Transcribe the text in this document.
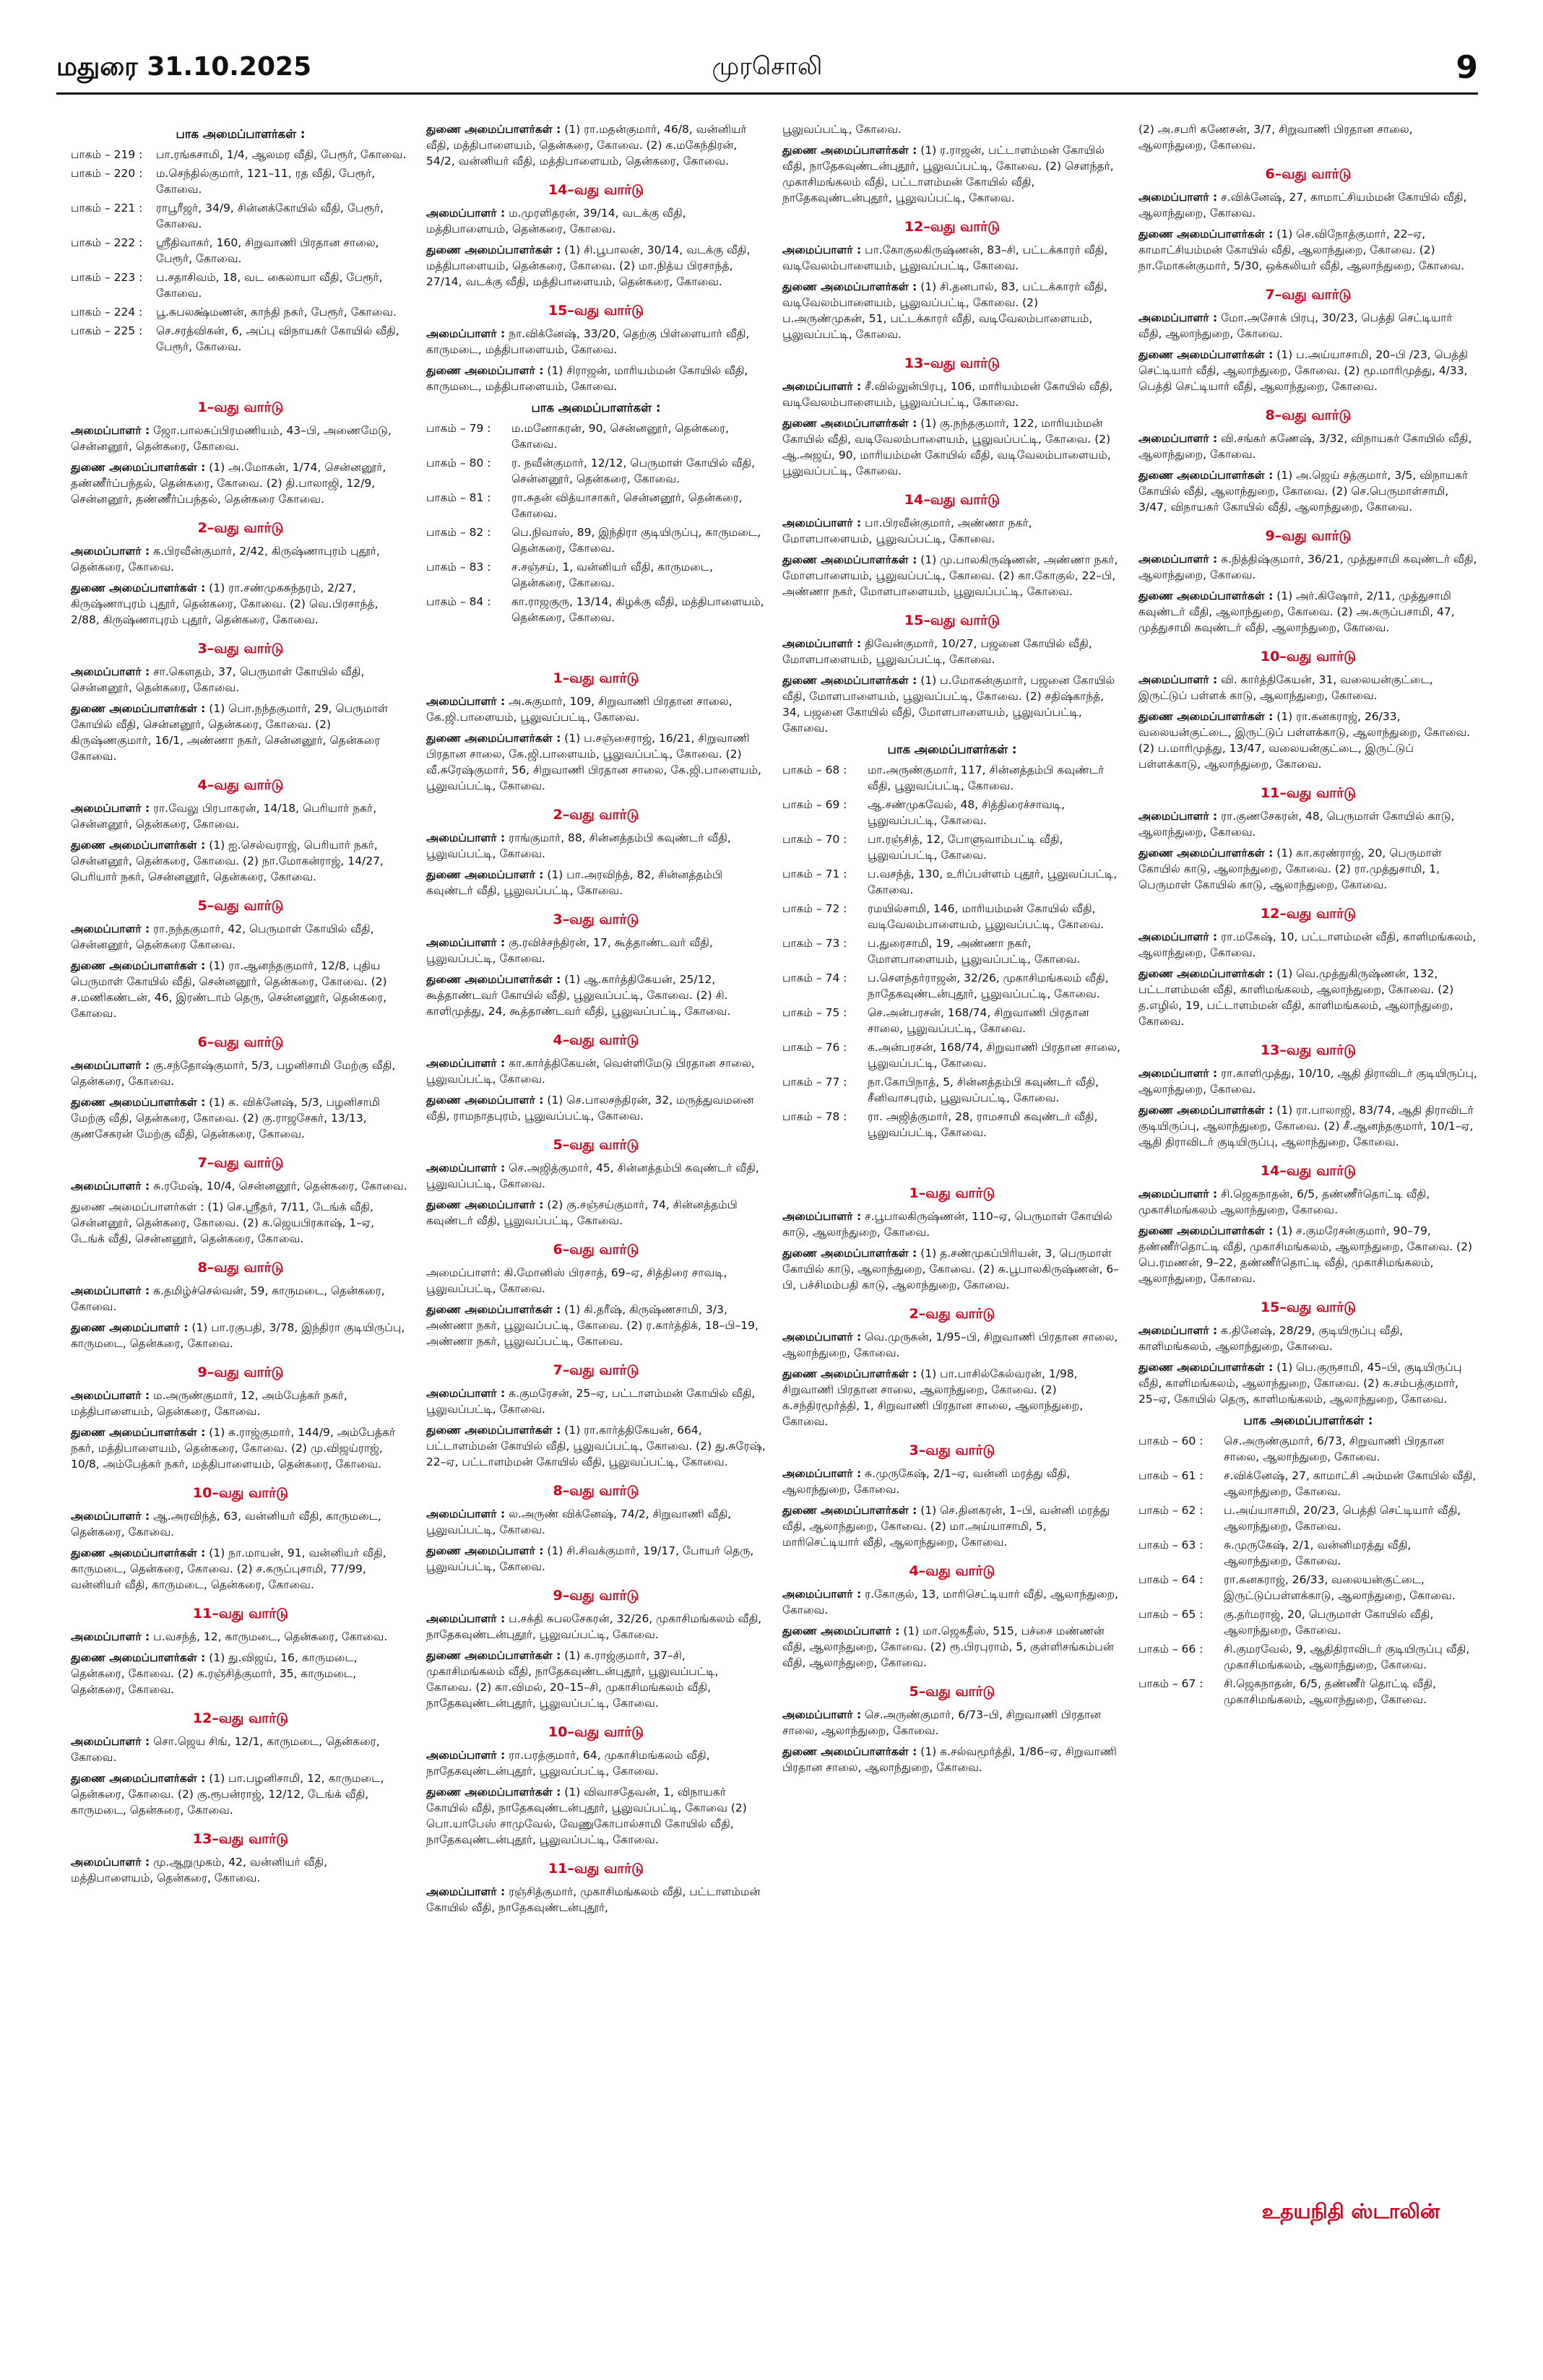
மதுரை 31.10.2025	முரசொலி	9
பாக அமைப்பாளர்கள் :
பாகம் – 219 :	பா.ரங்கசாமி, 1/4, ஆலமர வீதி, பேரூர், கோவை.
பாகம் – 220 :	ம.செந்தில்குமார், 121–11, ரத வீதி, பேரூர், கோவை.
பாகம் – 221 :	ராபூரீஜர், 34/9, சின்னக்கோயில் வீதி, பேரூர், கோவை.
பாகம் – 222 :	ஸ்ரீதிவாகர், 160, சிறுவாணி பிரதான சாலை, பேரூர், கோவை.
பாகம் – 223 :	ப.சதாசிவம், 18, வட கைலாயா வீதி, பேரூர், கோவை.
பாகம் – 224 :	பூ.சுபலக்ஷ்மணன், காந்தி நகர், பேரூர், கோவை.
பாகம் – 225 :	செ.சரத்விகன், 6, அப்பு விநாயகர் கோயில் வீதி, பேரூர், கோவை.
1–வது வார்டு
அமைப்பாளர் : ஜோ.பாலசுப்பிரமணியம், 43–பி, அணைமேடு, சென்னனூர், தென்கரை, கோவை.
துணை அமைப்பாளர்கள் : (1) அ.மோகன், 1/74, சென்னனூர், தண்ணீர்ப்பந்தல், தென்கரை, கோவை. (2) தி.பாலாஜி, 12/9, சென்னனூர், தண்ணீர்ப்பந்தல், தென்கரை கோவை.
2–வது வார்டு
அமைப்பாளர் : க.பிரவீன்குமார், 2/42, கிருஷ்ணாபுரம் புதூர், தென்கரை, கோவை.
துணை அமைப்பாளர்கள் : (1) ரா.சண்முகசுந்தரம், 2/27, கிருஷ்ணாபுரம் புதூர், தென்கரை, கோவை. (2) வெ.பிரசாந்த், 2/88, கிருஷ்ணாபுரம் புதூர், தென்கரை, கோவை.
3–வது வார்டு
அமைப்பாளர் : சா.கௌதம், 37, பெருமாள் கோயில் வீதி, சென்னனூர், தென்கரை, கோவை.
துணை அமைப்பாளர்கள் : (1) பொ.நந்தகுமார், 29, பெருமாள் கோயில் வீதி, சென்னனூர், தென்கரை, கோவை. (2) கிருஷ்ணகுமார், 16/1, அண்ணா நகர், சென்னனூர், தென்கரை கோவை.
4–வது வார்டு
அமைப்பாளர் : ரா.வேலு பிரபாகரன், 14/18, பெரியார் நகர், சென்னனூர், தென்கரை, கோவை.
துணை அமைப்பாளர்கள் : (1) ஐ.செல்வராஜ், பெரியார் நகர், சென்னனூர், தென்கரை, கோவை. (2) நா.மோகன்ராஜ், 14/27, பெரியார் நகர், சென்னனூர், தென்கரை, கோவை.
5–வது வார்டு
அமைப்பாளர் : ரா.நந்தகுமார், 42, பெருமாள் கோயில் வீதி, சென்னனூர், தென்கரை கோவை.
துணை அமைப்பாளர்கள் : (1) ரா.ஆனந்தகுமார், 12/8, புதிய பெருமாள் கோயில் வீதி, சென்னனூர், தென்கரை, கோவை. (2) ச.மணிகண்டன், 46, இரண்டாம் தெரு, சென்னனூர், தென்கரை, கோவை.
6–வது வார்டு
அமைப்பாளர் : கு.சந்தோஷ்குமார், 5/3, பழனிசாமி மேற்கு வீதி, தென்கரை, கோவை.
துணை அமைப்பாளர்கள் : (1) க. விக்னேஷ், 5/3, பழனிசாமி மேற்கு வீதி, தென்கரை, கோவை. (2) கு.ராஜசேகர், 13/13, குணசேகரன் மேற்கு வீதி, தென்கரை, கோவை.
7–வது வார்டு
அமைப்பாளர் : சு.ரமேஷ், 10/4, சென்னனூர், தென்கரை, கோவை.
துணை அமைப்பாளர்கள் : (1) செ.ஸ்ரீதர், 7/11, டேங்க் வீதி, சென்னனூர், தென்கரை, கோவை. (2) க.ஜெயபிரகாஷ், 1–ஏ, டேங்க் வீதி, சென்னனூர், தென்கரை, கோவை.
8–வது வார்டு
அமைப்பாளர் : க.தமிழ்ச்செல்வன், 59, காருமடை, தென்கரை, கோவை.
துணை அமைப்பாளர் : (1) பா.ரகுபதி, 3/78, இந்திரா குடியிருப்பு, காருமடை, தென்கரை, கோவை.
9–வது வார்டு
அமைப்பாளர் : ம.அருண்குமார், 12, அம்பேத்கர் நகர், மத்திபாளையம், தென்கரை, கோவை.
துணை அமைப்பாளர்கள் : (1) க.ராஜ்குமார், 144/9, அம்பேத்கர் நகர், மத்திபாளையம், தென்கரை, கோவை. (2) மு.விஜய்ராஜ், 10/8, அம்பேத்கர் நகர், மத்திபாளையம், தென்கரை, கோவை.
10–வது வார்டு
அமைப்பாளர் : ஆ.அரவிந்த், 63, வன்னியர் வீதி, காருமடை, தென்கரை, கோவை.
துணை அமைப்பாளர்கள் : (1) நா.மாயன், 91, வன்னியர் வீதி, காருமடை, தென்கரை, கோவை. (2) ச.கருப்புசாமி, 77/99, வன்னியர் வீதி, காருமடை, தென்கரை, கோவை.
11–வது வார்டு
அமைப்பாளர் : ப.வசந்த், 12, காருமடை, தென்கரை, கோவை.
துணை அமைப்பாளர்கள் : (1) து.விஜய், 16, காருமடை, தென்கரை, கோவை. (2) க.ரஞ்சித்குமார், 35, காருமடை, தென்கரை, கோவை.
12–வது வார்டு
அமைப்பாளர் : சொ.ஜெய சிங், 12/1, காருமடை, தென்கரை, கோவை.
துணை அமைப்பாளர்கள் : (1) பா.பழனிசாமி, 12, காருமடை, தென்கரை, கோவை. (2) கு.ரூபன்ராஜ், 12/12, டேங்க் வீதி, காருமடை, தென்கரை, கோவை.
13–வது வார்டு
அமைப்பாளர் : மு.ஆறுமுகம், 42, வன்னியர் வீதி, மத்திபாளையம், தென்கரை, கோவை.
துணை அமைப்பாளர்கள் : (1) ரா.மதன்குமார், 46/8, வன்னியர் வீதி, மத்திபாளையம், தென்கரை, கோவை. (2) க.மகேந்திரன், 54/2, வன்னியர் வீதி, மத்திபாளையம், தென்கரை, கோவை.
14–வது வார்டு
அமைப்பாளர் : ம.முரளிதரன், 39/14, வடக்கு வீதி, மத்திபாளையம், தென்கரை, கோவை.
துணை அமைப்பாளர்கள் : (1) சி.பூபாலன், 30/14, வடக்கு வீதி, மத்திபாளையம், தென்கரை, கோவை. (2) மா.நித்ய பிரசாந்த், 27/14, வடக்கு வீதி, மத்திபாளையம், தென்கரை, கோவை.
15–வது வார்டு
அமைப்பாளர் : நா.விக்னேஷ், 33/20, தெற்கு பிள்ளையார் வீதி, காருமடை, மத்திபாளையம், கோவை.
துணை அமைப்பாளர் : (1) சிராஜன், மாரியம்மன் கோயில் வீதி, காருமடை, மத்திபாளையம், கோவை.
பாக அமைப்பாளர்கள் :
பாகம் – 79 :	ம.மனோகரன், 90, சென்னனூர், தென்கரை, கோவை.
பாகம் – 80 :	ர. நவீன்குமார், 12/12, பெருமாள் கோயில் வீதி, சென்னனூர், தென்கரை, கோவை.
பாகம் – 81 :	ரா.சுதன் வித்யாசாகர், சென்னனூர், தென்கரை, கோவை.
பாகம் – 82 :	பெ.நிவாஸ், 89, இந்திரா குடியிருப்பு, காருமடை, தென்கரை, கோவை.
பாகம் – 83 :	ச.சஞ்சய், 1, வன்னியர் வீதி, காருமடை, தென்கரை, கோவை.
பாகம் – 84 :	கா.ராஜகுரு, 13/14, கிழக்கு வீதி, மத்திபாளையம், தென்கரை, கோவை.
1–வது வார்டு
அமைப்பாளர் : அ.சுகுமார், 109, சிறுவாணி பிரதான சாலை, கே.ஜி.பாளையம், பூலுவப்பட்டி, கோவை.
துணை அமைப்பாளர்கள் : (1) ப.சஞ்சைராஜ், 16/21, சிறுவாணி பிரதான சாலை, கே.ஜி.பாளையம், பூலுவப்பட்டி, கோவை. (2) வீ.சுரேஷ்குமார், 56, சிறுவாணி பிரதான சாலை, கே.ஜி.பாளையம், பூலுவப்பட்டி, கோவை.
2–வது வார்டு
அமைப்பாளர் : ராங்குமார், 88, சின்னத்தம்பி கவுண்டர் வீதி, பூலுவப்பட்டி, கோவை.
துணை அமைப்பாளர் : (1) பா.அரவிந்த், 82, சின்னத்தம்பி கவுண்டர் வீதி, பூலுவப்பட்டி, கோவை.
3–வது வார்டு
அமைப்பாளர் : கு.ரவிச்சந்திரன், 17, கூத்தாண்டவர் வீதி, பூலுவப்பட்டி, கோவை.
துணை அமைப்பாளர்கள் : (1) ஆ.கார்த்திகேயன், 25/12, கூத்தாண்டவர் கோயில் வீதி, பூலுவப்பட்டி, கோவை. (2) சி. காளிமுத்து, 24, கூத்தாண்டவர் வீதி, பூலுவப்பட்டி, கோவை.
4–வது வார்டு
அமைப்பாளர் : கா.கார்த்திகேயன், வெள்ளிமேடு பிரதான சாலை, பூலுவப்பட்டி, கோவை.
துணை அமைப்பாளர் : (1) செ.பாலசந்திரன், 32, மருத்துவமனை வீதி, ராமநாதபுரம், பூலுவப்பட்டி, கோவை.
5–வது வார்டு
அமைப்பாளர் : செ.அஜித்குமார், 45, சின்னத்தம்பி கவுண்டர் வீதி, பூலுவப்பட்டி, கோவை.
துணை அமைப்பாளர் : (2) கு.சஞ்சய்குமார், 74, சின்னத்தம்பி கவுண்டர் வீதி, பூலுவப்பட்டி, கோவை.
6–வது வார்டு
அமைப்பாளர்: கி.மோனிஸ் பிரசாத், 69–ஏ, சித்திரை சாவடி, பூலுவப்பட்டி, கோவை.
துணை அமைப்பாளர்கள் : (1) கி.தரீஷ், கிருஷ்ணசாமி, 3/3, அண்ணா நகர், பூலுவப்பட்டி, கோவை. (2) ர.கார்த்திக், 18–பி–19, அண்ணா நகர், பூலுவப்பட்டி, கோவை.
7–வது வார்டு
அமைப்பாளர் : க.குமரேசன், 25–ஏ, பட்டாளம்மன் கோயில் வீதி, பூலுவப்பட்டி, கோவை.
துணை அமைப்பாளர்கள் : (1) ரா.கார்த்திகேயன், 664, பட்டாளம்மன் கோயில் வீதி, பூலுவப்பட்டி, கோவை. (2) து.சுரேஷ், 22–ஏ, பட்டாளம்மன் கோயில் வீதி, பூலுவப்பட்டி, கோவை.
8–வது வார்டு
அமைப்பாளர் : ல.அருண் விக்னேஷ், 74/2, சிறுவாணி வீதி, பூலுவப்பட்டி, கோவை.
துணை அமைப்பாளர் : (1) சி.சிவக்குமார், 19/17, போயர் தெரு, பூலுவப்பட்டி, கோவை.
9–வது வார்டு
அமைப்பாளர் : ப.சக்தி சுபலசேகரன், 32/26, முகாசிமங்கலம் வீதி, நாதேகவுண்டன்புதூர், பூலுவப்பட்டி, கோவை.
துணை அமைப்பாளர்கள் : (1) க.ராஜ்குமார், 37–சி, முகாசிமங்கலம் வீதி, நாதேகவுண்டன்புதூர், பூலுவப்பட்டி, கோவை. (2) கா.விமல், 20–15–சி, முகாசிமங்கலம் வீதி, நாதேகவுண்டன்புதூர், பூலுவப்பட்டி, கோவை.
10–வது வார்டு
அமைப்பாளர் : ரா.பரத்குமார், 64, முகாசிமங்கலம் வீதி, நாதேகவுண்டன்புதூர், பூலுவப்பட்டி, கோவை.
துணை அமைப்பாளர்கள் : (1) விவாசதேவன், 1, விநாயகர் கோயில் வீதி, நாதேகவுண்டன்புதூர், பூலுவப்பட்டி, கோவை (2) பொ.யாபேஸ் சாமுவேல், வேணுகோபால்சாமி கோயில் வீதி, நாதேகவுண்டன்புதூர், பூலுவப்பட்டி, கோவை.
11–வது வார்டு
அமைப்பாளர் : ரஞ்சித்குமார், முகாசிமங்கலம் வீதி, பட்டாளம்மன் கோயில் வீதி, நாதேகவுண்டன்புதூர்,
பூலுவப்பட்டி, கோவை.
துணை அமைப்பாளர்கள் : (1) ர.ராஜன், பட்டாளம்மன் கோயில் வீதி, நாதேகவுண்டன்புதூர், பூலுவப்பட்டி, கோவை. (2) சௌந்தர், முகாசிமங்கலம் வீதி, பட்டாளம்மன் கோயில் வீதி, நாதேகவுண்டன்புதூர், பூலுவப்பட்டி, கோவை.
12–வது வார்டு
அமைப்பாளர் : பா.கோகுலகிருஷ்ணன், 83–சி, பட்டக்காரர் வீதி, வடிவேலம்பாளையம், பூலுவப்பட்டி, கோவை.
துணை அமைப்பாளர்கள் : (1) சி.தனபால், 83, பட்டக்காரர் வீதி, வடிவேலம்பாளையம், பூலுவப்பட்டி, கோவை. (2) ப.அருண்முகன், 51, பட்டக்காரர் வீதி, வடிவேலம்பாளையம், பூலுவப்பட்டி, கோவை.
13–வது வார்டு
அமைப்பாளர் : சீ.வில்லுன்பிரபு, 106, மாரியம்மன் கோயில் வீதி, வடிவேலம்பாளையம், பூலுவப்பட்டி, கோவை.
துணை அமைப்பாளர்கள் : (1) கு.நந்தகுமார், 122, மாரியம்மன் கோயில் வீதி, வடிவேலம்பாளையம், பூலுவப்பட்டி, கோவை. (2) ஆ.அஜய், 90, மாரியம்மன் கோயில் வீதி, வடிவேலம்பாளையம், பூலுவப்பட்டி, கோவை.
14–வது வார்டு
அமைப்பாளர் : பா.பிரவீன்குமார், அண்ணா நகர், மோளபாளையம், பூலுவப்பட்டி, கோவை.
துணை அமைப்பாளர்கள் : (1) மு.பாலகிருஷ்ணன், அண்ணா நகர், மோளபாளையம், பூலுவப்பட்டி, கோவை. (2) கா.கோகுல், 22–பி, அண்ணா நகர், மோளபாளையம், பூலுவப்பட்டி, கோவை.
15–வது வார்டு
அமைப்பாளர் : திவேன்குமார், 10/27, பஜனை கோயில் வீதி, மோளபாளையம், பூலுவப்பட்டி, கோவை.
துணை அமைப்பாளர்கள் : (1) ப.மோகன்குமார், பஜனை கோயில் வீதி, மோளபாளையம், பூலுவப்பட்டி, கோவை. (2) சதிஷ்காந்த், 34, பஜனை கோயில் வீதி, மோளபாளையம், பூலுவப்பட்டி, கோவை.
பாக அமைப்பாளர்கள் :
பாகம் – 68 :	மா.அருண்குமார், 117, சின்னத்தம்பி கவுண்டர் வீதி, பூலுவப்பட்டி, கோவை.
பாகம் – 69 :	ஆ.சண்முகவேல், 48, சித்திரைச்சாவடி, பூலுவப்பட்டி, கோவை.
பாகம் – 70 :	பா.ரஞ்சித், 12, போளுவாம்பட்டி வீதி, பூலுவப்பட்டி, கோவை.
பாகம் – 71 :	ப.வசந்த், 130, உரிப்பள்ளம் புதூர், பூலுவப்பட்டி, கோவை.
பாகம் – 72 :	ரமயில்சாமி, 146, மாரியம்மன் கோயில் வீதி, வடிவேலம்பாளையம், பூலுவப்பட்டி, கோவை.
பாகம் – 73 :	ப.துரைசாமி, 19, அண்ணா நகர், மோளபாளையம், பூலுவப்பட்டி, கோவை.
பாகம் – 74 :	ப.செளந்தர்ராஜன், 32/26, முகாசிமங்கலம் வீதி, நாதேகவுண்டன்புதூர், பூலுவப்பட்டி, கோவை.
பாகம் – 75 :	செ.அன்பரசன், 168/74, சிறுவாணி பிரதான சாலை, பூலுவப்பட்டி, கோவை.
பாகம் – 76 :	க.அன்பரசன், 168/74, சிறுவாணி பிரதான சாலை, பூலுவப்பட்டி, கோவை.
பாகம் – 77 :	நா.கோபிநாத், 5, சின்னத்தம்பி கவுண்டர் வீதி, சீனிவாசபுரம், பூலுவப்பட்டி, கோவை.
பாகம் – 78 :	ரா. அஜித்குமார், 28, ராமசாமி கவுண்டர் வீதி, பூலுவப்பட்டி, கோவை.
1–வது வார்டு
அமைப்பாளர் : ச.பூபாலகிருஷ்ணன், 110–ஏ, பெருமாள் கோயில் காடு, ஆலாந்துறை, கோவை.
துணை அமைப்பாளர்கள் : (1) த.சண்முகப்பிரியன், 3, பெருமாள் கோயில் காடு, ஆலாந்துறை, கோவை. (2) சு.பூபாலகிருஷ்ணன், 6–பி, பச்சிமம்பதி காடு, ஆலாந்துறை, கோவை.
2–வது வார்டு
அமைப்பாளர் : வெ.முருகன், 1/95–பி, சிறுவாணி பிரதான சாலை, ஆலாந்துறை, கோவை.
துணை அமைப்பாளர்கள் : (1) பா.பாசில்கேல்வரன், 1/98, சிறுவாணி பிரதான சாலை, ஆலாந்துறை, கோவை. (2) க.சந்திரமூர்த்தி, 1, சிறுவாணி பிரதான சாலை, ஆலாந்துறை, கோவை.
3–வது வார்டு
அமைப்பாளர் : சு.முருகேஷ், 2/1–ஏ, வன்னி மரத்து வீதி, ஆலாந்துறை, கோவை.
துணை அமைப்பாளர்கள் : (1) செ.தினகரன், 1–பி, வன்னி மரத்து வீதி, ஆலாந்துறை, கோவை. (2) மா.அய்யாசாமி, 5, மாரிசெட்டியார் வீதி, ஆலாந்துறை, கோவை.
4–வது வார்டு
அமைப்பாளர் : ர.கோகுல், 13, மாரிசெட்டியார் வீதி, ஆலாந்துறை, கோவை.
துணை அமைப்பாளர் : (1) மா.ஜெகதீஸ், 515, பச்சை மண்ணன் வீதி, ஆலாந்துறை, கோவை. (2) ரூ.பிரபுராம், 5, குள்ளிசங்கம்பன் வீதி, ஆலாந்துறை, கோவை.
5–வது வார்டு
அமைப்பாளர் : செ.அருண்குமார், 6/73–பி, சிறுவாணி பிரதான சாலை, ஆலாந்துறை, கோவை.
துணை அமைப்பாளர்கள் : (1) க.சல்வமூர்த்தி, 1/86–ஏ, சிறுவாணி பிரதான சாலை, ஆலாந்துறை, கோவை.
(2) அ.சபரி கணேசன், 3/7, சிறுவாணி பிரதான சாலை, ஆலாந்துறை, கோவை.
6–வது வார்டு
அமைப்பாளர் : ச.விக்னேஷ், 27, காமாட்சியம்மன் கோயில் வீதி, ஆலாந்துறை, கோவை.
துணை அமைப்பாளர்கள் : (1) செ.விநோத்குமார், 22–ஏ, காமாட்சியம்மன் கோயில் வீதி, ஆலாந்துறை, கோவை. (2) நா.மோகன்குமார், 5/30, ஒக்கலியர் வீதி, ஆலாந்துறை, கோவை.
7–வது வார்டு
அமைப்பாளர் : மோ.அசோக் பிரபு, 30/23, பெத்தி செட்டியார் வீதி, ஆலாந்துறை, கோவை.
துணை அமைப்பாளர்கள் : (1) ப.அய்யாசாமி, 20–பி /23, பெத்தி செட்டியார் வீதி, ஆலாந்துறை, கோவை. (2) மூ.மாரிமுத்து, 4/33, பெத்தி செட்டியார் வீதி, ஆலாந்துறை, கோவை.
8–வது வார்டு
அமைப்பாளர் : வி.சங்கர் கணேஷ், 3/32, விநாயகர் கோயில் வீதி, ஆலாந்துறை, கோவை.
துணை அமைப்பாளர்கள் : (1) அ.ஜெய் சத்குமார், 3/5, விநாயகர் கோயில் வீதி, ஆலாந்துறை, கோவை. (2) செ.பெருமாள்சாமி, 3/47, விநாயகர் கோயில் வீதி, ஆலாந்துறை, கோவை.
9–வது வார்டு
அமைப்பாளர் : க.நித்திஷ்குமார், 36/21, முத்துசாமி கவுண்டர் வீதி, ஆலாந்துறை, கோவை.
துணை அமைப்பாளர்கள் : (1) அர்.கிஷோர், 2/11, முத்துசாமி கவுண்டர் வீதி, ஆலாந்துறை, கோவை. (2) அ.சுருப்பசாமி, 47, முத்துசாமி கவுண்டர் வீதி, ஆலாந்துறை, கோவை.
10–வது வார்டு
அமைப்பாளர் : வி. கார்த்திகேயன், 31, வலையன்குட்டை, இருட்டுப் பள்ளக் காடு, ஆலாந்துறை, கோவை.
துணை அமைப்பாளர்கள் : (1) ரா.கனகராஜ், 26/33, வலையன்குட்டை, இருட்டுப் பள்ளக்காடு, ஆலாந்துறை, கோவை. (2) ப.மாரிமுத்து, 13/47, வலையன்குட்டை, இருட்டுப் பள்ளக்காடு, ஆலாந்துறை, கோவை.
11–வது வார்டு
அமைப்பாளர் : ரா.குணசேகரன், 48, பெருமாள் கோயில் காடு, ஆலாந்துறை, கோவை.
துணை அமைப்பாளர்கள் : (1) கா.கரண்ராஜ், 20, பெருமாள் கோயில் காடு, ஆலாந்துறை, கோவை. (2) ரா.முத்துசாமி, 1, பெருமாள் கோயில் காடு, ஆலாந்துறை, கோவை.
12–வது வார்டு
அமைப்பாளர் : ரா.மகேஷ், 10, பட்டாளம்மன் வீதி, காளிமங்கலம், ஆலாந்துறை, கோவை.
துணை அமைப்பாளர்கள் : (1) வெ.முத்துகிருஷ்ணன், 132, பட்டாளம்மன் வீதி, காளிமங்கலம், ஆலாந்துறை, கோவை. (2) த.எழில், 19, பட்டாளம்மன் வீதி, காளிமங்கலம், ஆலாந்துறை, கோவை.
13–வது வார்டு
அமைப்பாளர் : ரா.காளிமுத்து, 10/10, ஆதி திராவிடர் குடியிருப்பு, ஆலாந்துறை, கோவை.
துணை அமைப்பாளர்கள் : (1) ரா.பாலாஜி, 83/74, ஆதி திராவிடர் குடியிருப்பு, ஆலாந்துறை, கோவை. (2) சீ.ஆனந்தகுமார், 10/1–ஏ, ஆதி திராவிடர் குடியிருப்பு, ஆலாந்துறை, கோவை.
14–வது வார்டு
அமைப்பாளர் : சி.ஜெகநாதன், 6/5, தண்ணீர்தொட்டி வீதி, முகாசிமங்கலம் ஆலாந்துறை, கோவை.
துணை அமைப்பாளர்கள் : (1) ச.குமரேசன்குமார், 90–79, தண்ணீர்தொட்டி வீதி, முகாசிமங்கலம், ஆலாந்துறை, கோவை. (2) பெ.ரமணன், 9–22, தண்ணீர்தொட்டி வீதி, முகாசிமங்கலம், ஆலாந்துறை, கோவை.
15–வது வார்டு
அமைப்பாளர் : க.தினேஷ், 28/29, குடியிருப்பு வீதி, காளிமங்கலம், ஆலாந்துறை, கோவை.
துணை அமைப்பாளர்கள் : (1) பெ.குருசாமி, 45–பி, குடியிருப்பு வீதி, காளிமங்கலம், ஆலாந்துறை, கோவை. (2) சு.சம்பத்குமார், 25–ஏ, கோயில் தெரு, காளிமங்கலம், ஆலாந்துறை, கோவை.
பாக அமைப்பாளர்கள் :
பாகம் – 60 :	செ.அருண்குமார், 6/73, சிறுவாணி பிரதான சாலை, ஆலாந்துறை, கோவை.
பாகம் – 61 :	ச.விக்னேஷ், 27, காமாட்சி அம்மன் கோயில் வீதி, ஆலாந்துறை, கோவை.
பாகம் – 62 :	ப.அய்யாசாமி, 20/23, பெத்தி செட்டியார் வீதி, ஆலாந்துறை, கோவை.
பாகம் – 63 :	சு.முருகேஷ், 2/1, வன்னிமரத்து வீதி, ஆலாந்துறை, கோவை.
பாகம் – 64 :	ரா.கனகராஜ், 26/33, வலையன்குட்டை, இருட்டுப்பள்ளக்காடு, ஆலாந்துறை, கோவை.
பாகம் – 65 :	கு.தர்மராஜ், 20, பெருமாள் கோயில் வீதி, ஆலாந்துறை, கோவை.
பாகம் – 66 :	சி.குமரவேல், 9, ஆதிதிராவிடர் குடியிருப்பு வீதி, முகாசிமங்கலம், ஆலாந்துறை, கோவை.
பாகம் – 67 :	சி.ஜெகநாதன், 6/5, தண்ணீர் தொட்டி வீதி, முகாசிமங்கலம், ஆலாந்துறை, கோவை.
உதயநிதி ஸ்டாலின்
